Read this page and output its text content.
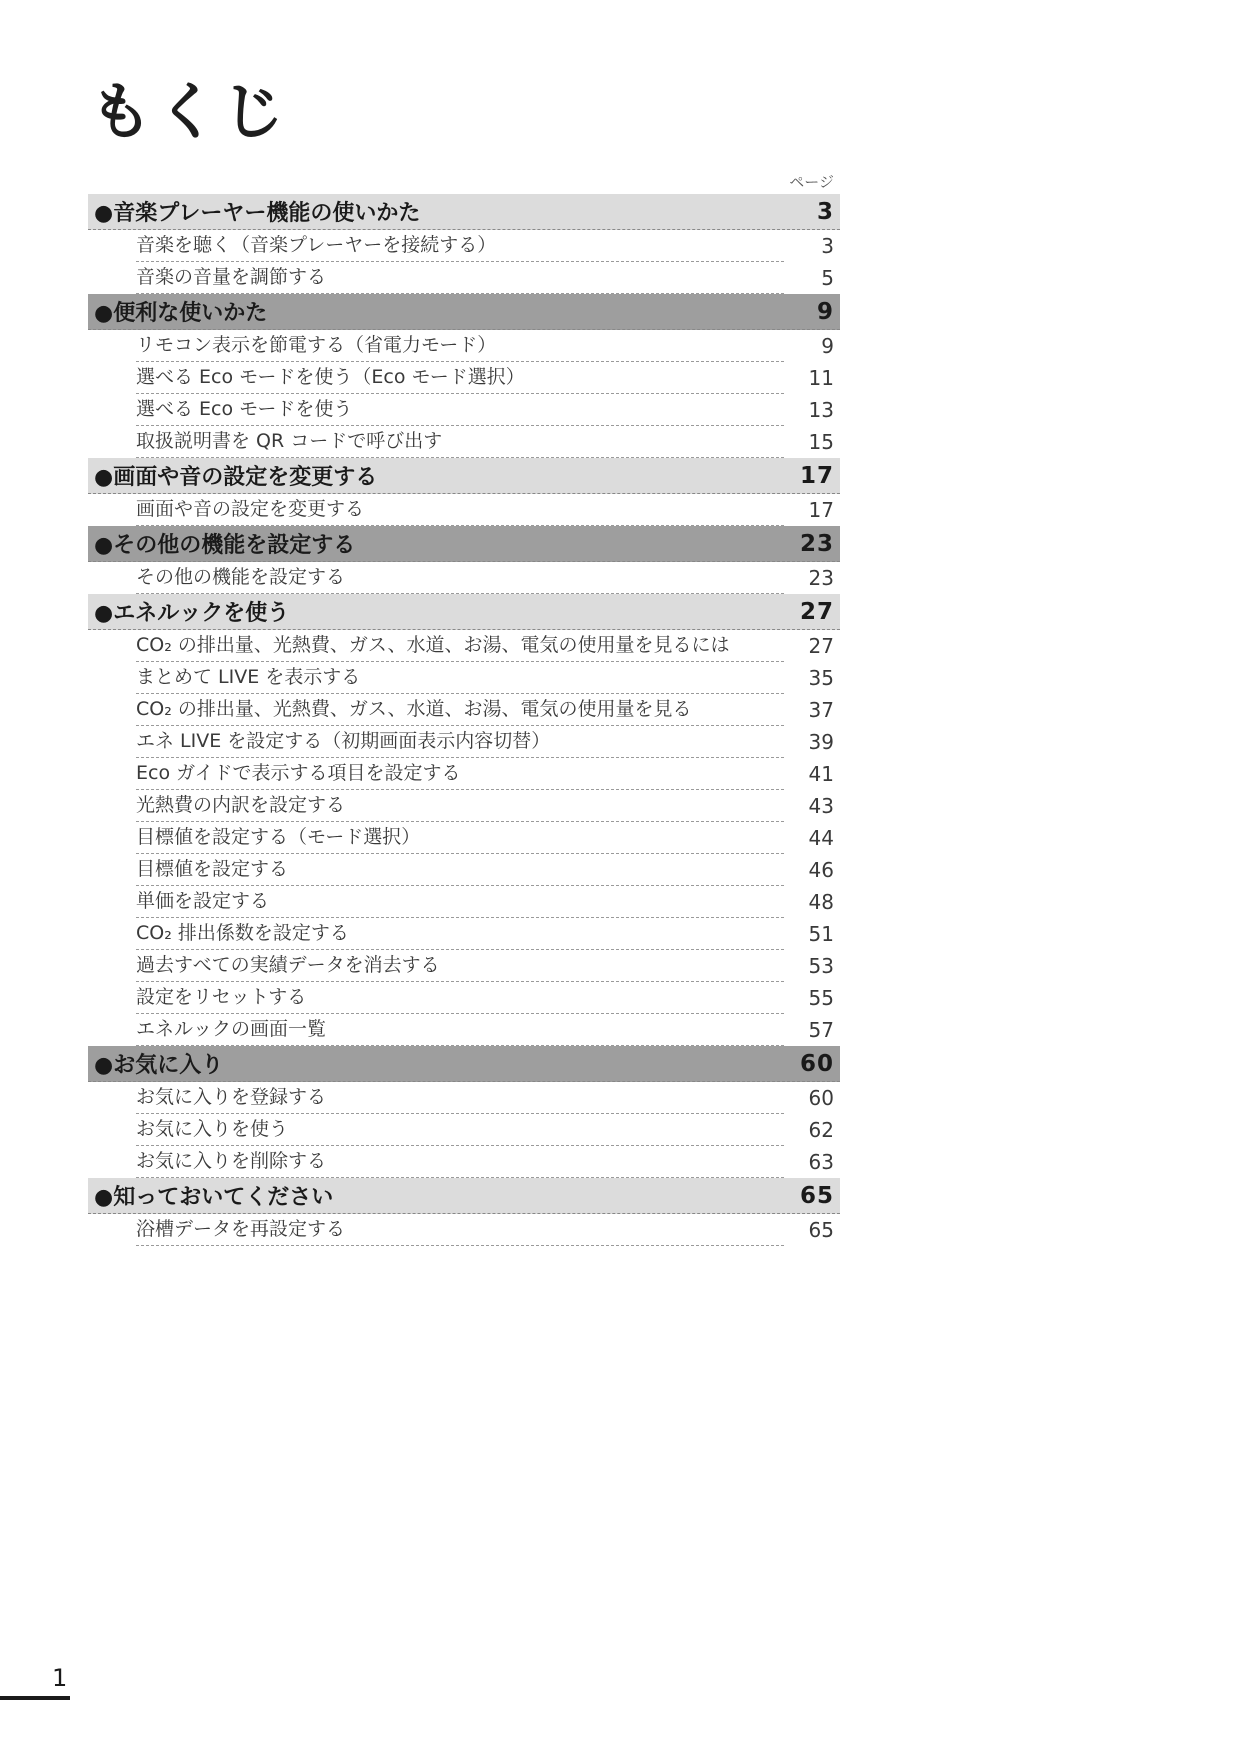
もくじ
ページ
●音楽プレーヤー機能の使いかた	3
音楽を聴く（音楽プレーヤーを接続する）	3
音楽の音量を調節する	5
●便利な使いかた	9
リモコン表示を節電する（省電力モード）	9
選べる Eco モードを使う（Eco モード選択）	11
選べる Eco モードを使う	13
取扱説明書を QR コードで呼び出す	15
●画面や音の設定を変更する	17
画面や音の設定を変更する	17
●その他の機能を設定する	23
その他の機能を設定する	23
●エネルックを使う	27
CO₂ の排出量、光熱費、ガス、水道、お湯、電気の使用量を見るには	27
まとめて LIVE を表示する	35
CO₂ の排出量、光熱費、ガス、水道、お湯、電気の使用量を見る	37
エネ LIVE を設定する（初期画面表示内容切替）	39
Eco ガイドで表示する項目を設定する	41
光熱費の内訳を設定する	43
目標値を設定する（モード選択）	44
目標値を設定する	46
単価を設定する	48
CO₂ 排出係数を設定する	51
過去すべての実績データを消去する	53
設定をリセットする	55
エネルックの画面一覧	57
●お気に入り	60
お気に入りを登録する	60
お気に入りを使う	62
お気に入りを削除する	63
●知っておいてください	65
浴槽データを再設定する	65
1
